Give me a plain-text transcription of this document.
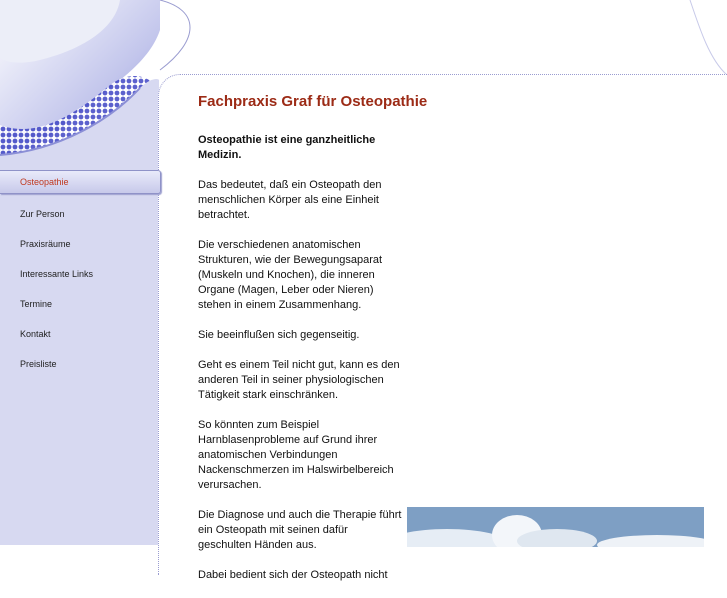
Osteopathie
Zur Person
Praxisräume
Interessante Links
Termine
Kontakt
Preisliste
Fachpraxis Graf für Osteopathie

Osteopathie ist eine ganzheitliche Medizin.

Das bedeutet, daß ein Osteopath den menschlichen Körper als eine Einheit betrachtet.

Die verschiedenen anatomischen Strukturen, wie der Bewegungsaparat (Muskeln und Knochen), die inneren Organe (Magen, Leber oder Nieren) stehen in einem Zusammenhang.

Sie beeinflußen sich gegenseitig.

Geht es einem Teil nicht gut, kann es den anderen Teil in seiner physiologischen Tätigkeit stark einschränken.

So könnten zum Beispiel Harnblasenprobleme auf Grund ihrer anatomischen Verbindungen Nackenschmerzen im Halswirbelbereich verursachen.

Die Diagnose und auch die Therapie führt ein Osteopath mit seinen dafür geschulten Händen aus.

Dabei bedient sich der Osteopath nicht
